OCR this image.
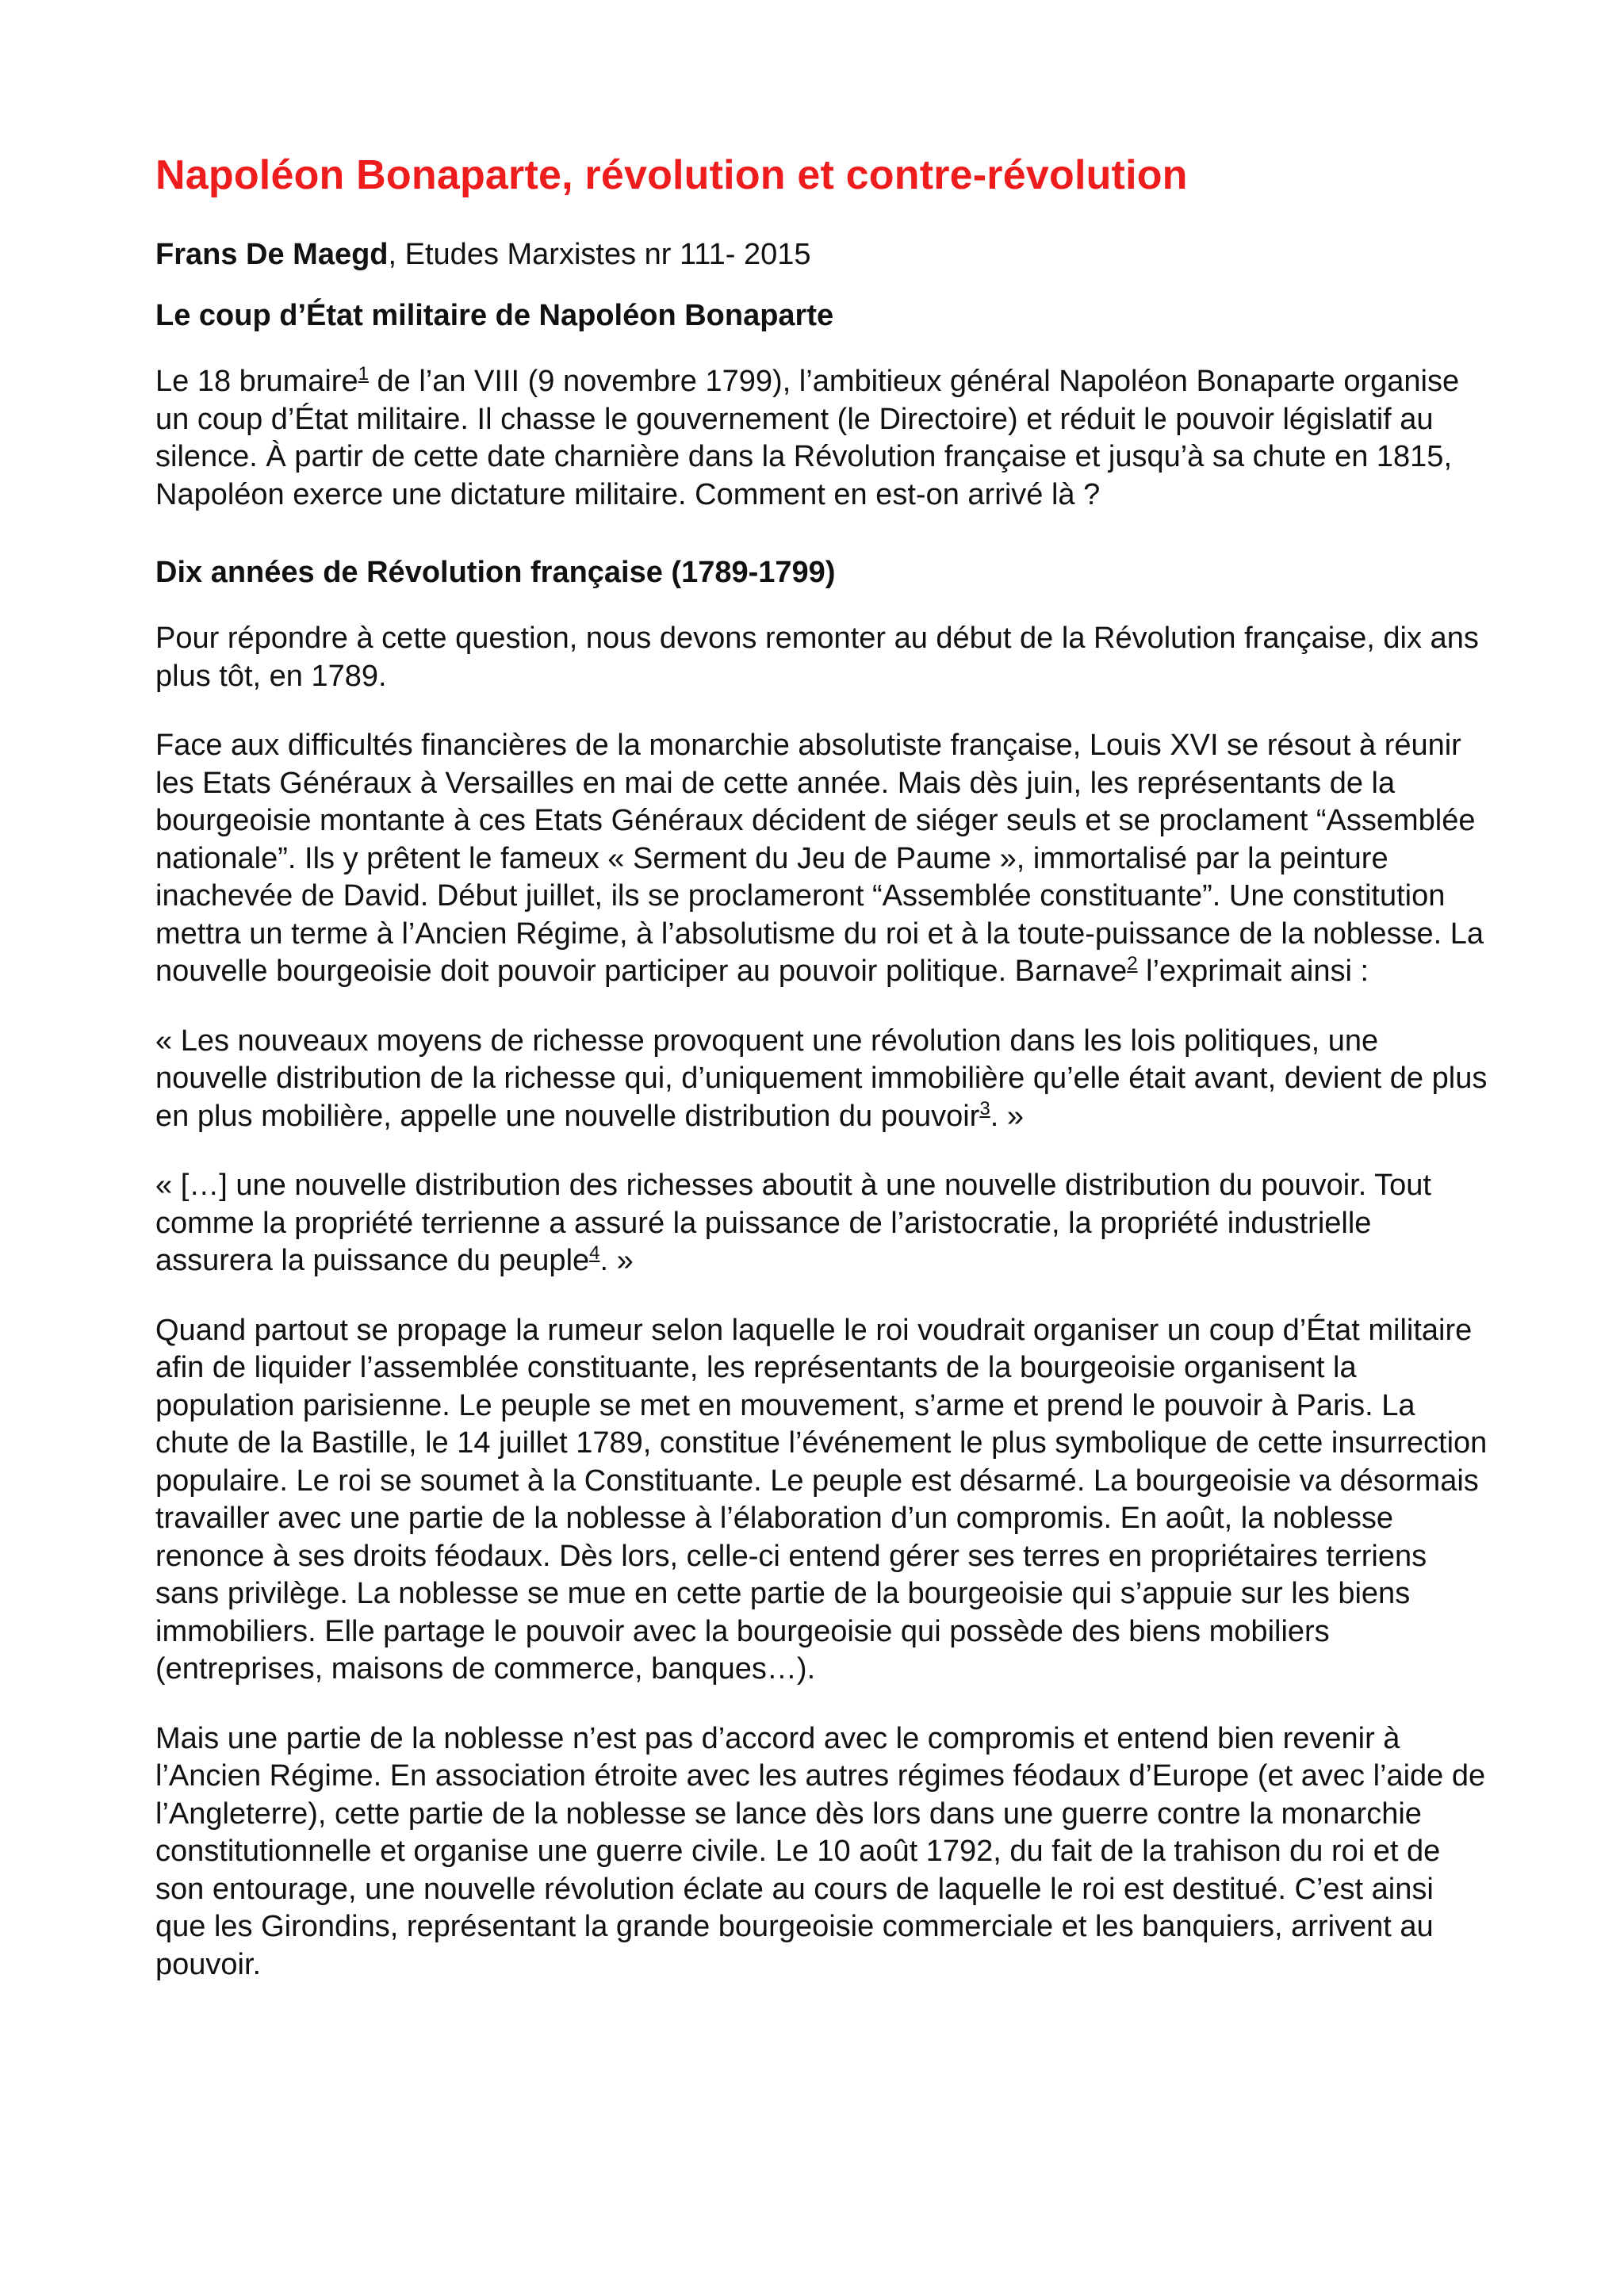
Napoléon Bonaparte, révolution et contre-révolution
Frans De Maegd, Etudes Marxistes nr 111- 2015
Le coup d’État militaire de Napoléon Bonaparte

Le 18 brumaire$^1$ de l’an VIII (9 novembre 1799), l’ambitieux général Napoléon Bonaparte organise un coup d’État militaire. Il chasse le gouvernement (le Directoire) et réduit le pouvoir législatif au silence. À partir de cette date charnière dans la Révolution française et jusqu’à sa chute en 1815, Napoléon exerce une dictature militaire. Comment en est-on arrivé là ?

Dix années de Révolution française (1789-1799)

Pour répondre à cette question, nous devons remonter au début de la Révolution française, dix ans plus tôt, en 1789.

Face aux difficultés financières de la monarchie absolutiste française, Louis XVI se résout à réunir les Etats Généraux à Versailles en mai de cette année. Mais dès juin, les représentants de la bourgeoisie montante à ces Etats Généraux décident de siéger seuls et se proclament “Assemblée nationale”. Ils y prêtent le fameux « Serment du Jeu de Paume », immortalisé par la peinture inachevée de David. Début juillet, ils se proclameront “Assemblée constituante”. Une constitution mettra un terme à l’Ancien Régime, à l’absolutisme du roi et à la toute-puissance de la noblesse. La nouvelle bourgeoisie doit pouvoir participer au pouvoir politique. Barnave$^2$ l’exprimait ainsi :

« Les nouveaux moyens de richesse provoquent une révolution dans les lois politiques, une nouvelle distribution de la richesse qui, d’uniquement immobilière qu’elle était avant, devient de plus en plus mobilière, appelle une nouvelle distribution du pouvoir$^3$. »

« […] une nouvelle distribution des richesses aboutit à une nouvelle distribution du pouvoir. Tout comme la propriété terrienne a assuré la puissance de l’aristocratie, la propriété industrielle assurera la puissance du peuple$^4$. »

Quand partout se propage la rumeur selon laquelle le roi voudrait organiser un coup d’État militaire afin de liquider l’assemblée constituante, les représentants de la bourgeoisie organisent la population parisienne. Le peuple se met en mouvement, s’arme et prend le pouvoir à Paris. La chute de la Bastille, le 14 juillet 1789, constitue l’événement le plus symbolique de cette insurrection populaire. Le roi se soumet à la Constituante. Le peuple est désarmé. La bourgeoisie va désormais travailler avec une partie de la noblesse à l’élaboration d’un compromis. En août, la noblesse renonce à ses droits féodaux. Dès lors, celle-ci entend gérer ses terres en propriétaires terriens sans privilège. La noblesse se mue en cette partie de la bourgeoisie qui s’appuie sur les biens immobiliers. Elle partage le pouvoir avec la bourgeoisie qui possède des biens mobiliers (entreprises, maisons de commerce, banques…).

Mais une partie de la noblesse n’est pas d’accord avec le compromis et entend bien revenir à l’Ancien Régime. En association étroite avec les autres régimes féodaux d’Europe (et avec l’aide de l’Angleterre), cette partie de la noblesse se lance dès lors dans une guerre contre la monarchie constitutionnelle et organise une guerre civile. Le 10 août 1792, du fait de la trahison du roi et de son entourage, une nouvelle révolution éclate au cours de laquelle le roi est destitué. C’est ainsi que les Girondins, représentant la grande bourgeoisie commerciale et les banquiers, arrivent au pouvoir.
